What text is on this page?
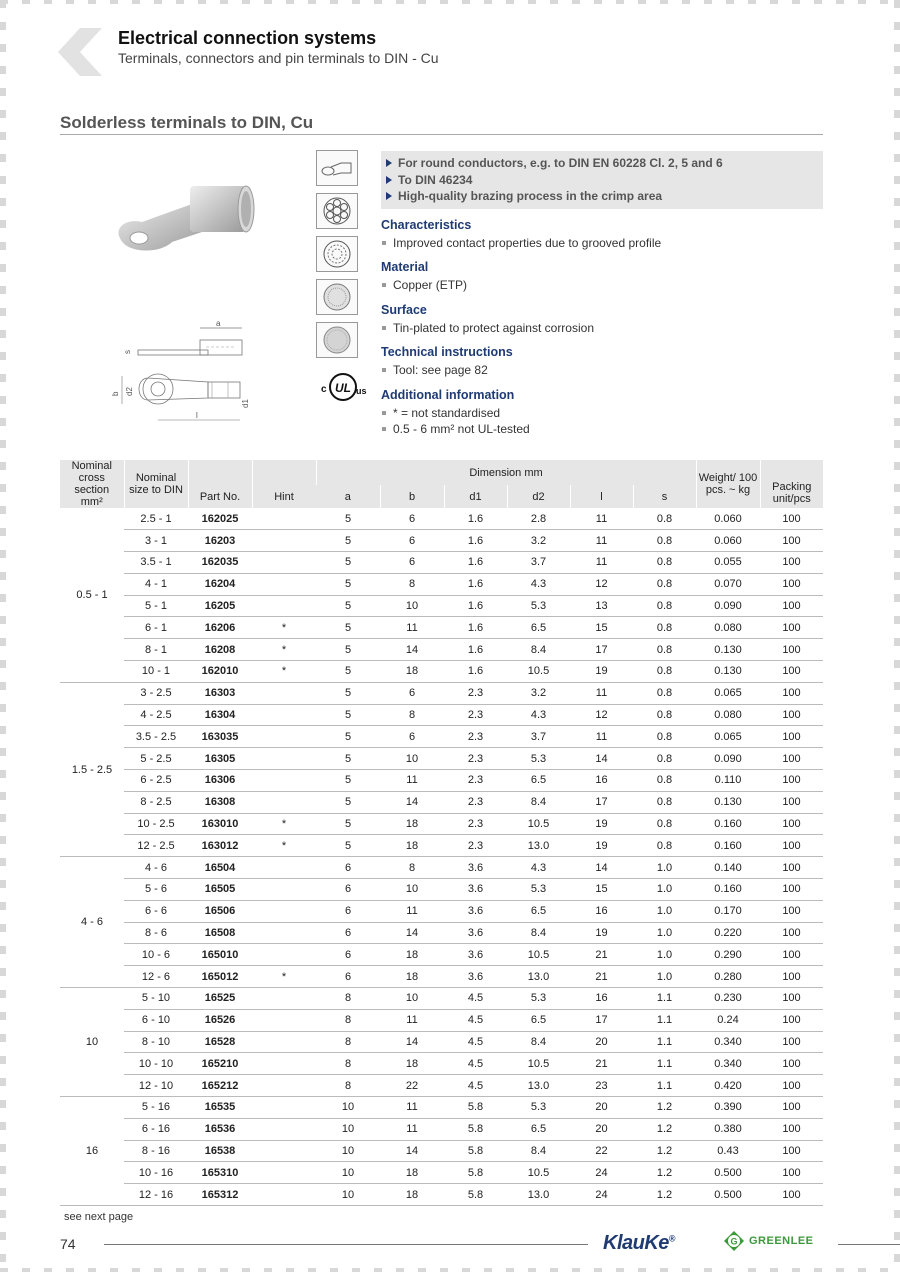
Electrical connection systems
Terminals, connectors and pin terminals to DIN - Cu
Solderless terminals to DIN, Cu
a
s
b d2
d1
l
c UL us
For round conductors, e.g. to DIN EN 60228 Cl. 2, 5 and 6
To DIN 46234
High-quality brazing process in the crimp area
Characteristics
Improved contact properties due to grooved profile
Material
Copper (ETP)
Surface
Tin-plated to protect against corrosion
Technical instructions
Tool: see page 82
Additional information
* = not standardised
0.5 - 6 mm² not UL-tested
Nominal cross section mm²	Nominal size to DIN	Part No.	Hint	Dimension mm						Weight/ 100 pcs. ~ kg	Packing unit/pcs
				a	b	d1	d2	l	s		
0.5 - 1	2.5 - 1	162025		5	6	1.6	2.8	11	0.8	0.060	100
	3 - 1	16203		5	6	1.6	3.2	11	0.8	0.060	100
	3.5 - 1	162035		5	6	1.6	3.7	11	0.8	0.055	100
	4 - 1	16204		5	8	1.6	4.3	12	0.8	0.070	100
	5 - 1	16205		5	10	1.6	5.3	13	0.8	0.090	100
	6 - 1	16206	*	5	11	1.6	6.5	15	0.8	0.080	100
	8 - 1	16208	*	5	14	1.6	8.4	17	0.8	0.130	100
	10 - 1	162010	*	5	18	1.6	10.5	19	0.8	0.130	100
1.5 - 2.5	3 - 2.5	16303		5	6	2.3	3.2	11	0.8	0.065	100
	4 - 2.5	16304		5	8	2.3	4.3	12	0.8	0.080	100
	3.5 - 2.5	163035		5	6	2.3	3.7	11	0.8	0.065	100
	5 - 2.5	16305		5	10	2.3	5.3	14	0.8	0.090	100
	6 - 2.5	16306		5	11	2.3	6.5	16	0.8	0.110	100
	8 - 2.5	16308		5	14	2.3	8.4	17	0.8	0.130	100
	10 - 2.5	163010	*	5	18	2.3	10.5	19	0.8	0.160	100
	12 - 2.5	163012	*	5	18	2.3	13.0	19	0.8	0.160	100
4 - 6	4 - 6	16504		6	8	3.6	4.3	14	1.0	0.140	100
	5 - 6	16505		6	10	3.6	5.3	15	1.0	0.160	100
	6 - 6	16506		6	11	3.6	6.5	16	1.0	0.170	100
	8 - 6	16508		6	14	3.6	8.4	19	1.0	0.220	100
	10 - 6	165010		6	18	3.6	10.5	21	1.0	0.290	100
	12 - 6	165012	*	6	18	3.6	13.0	21	1.0	0.280	100
10	5 - 10	16525		8	10	4.5	5.3	16	1.1	0.230	100
	6 - 10	16526		8	11	4.5	6.5	17	1.1	0.24	100
	8 - 10	16528		8	14	4.5	8.4	20	1.1	0.340	100
	10 - 10	165210		8	18	4.5	10.5	21	1.1	0.340	100
	12 - 10	165212		8	22	4.5	13.0	23	1.1	0.420	100
16	5 - 16	16535		10	11	5.8	5.3	20	1.2	0.390	100
	6 - 16	16536		10	11	5.8	6.5	20	1.2	0.380	100
	8 - 16	16538		10	14	5.8	8.4	22	1.2	0.43	100
	10 - 16	165310		10	18	5.8	10.5	24	1.2	0.500	100
	12 - 16	165312		10	18	5.8	13.0	24	1.2	0.500	100
see next page
74	KlauKe®	G GREENLEE
